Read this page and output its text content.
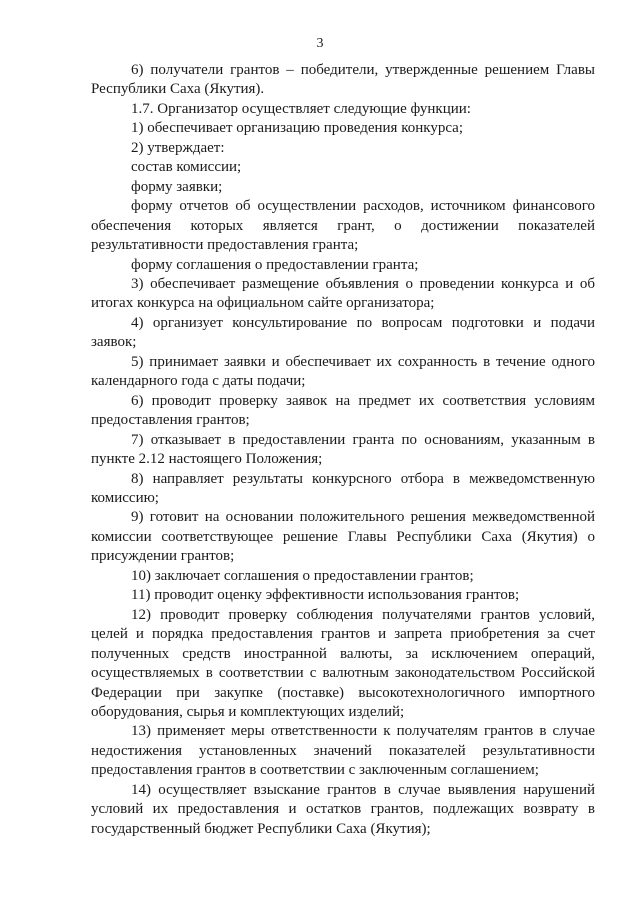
3

6) получатели грантов – победители, утвержденные решением Главы Республики Саха (Якутия).

1.7. Организатор осуществляет следующие функции:

1) обеспечивает организацию проведения конкурса;

2) утверждает:

состав комиссии;

форму заявки;

форму отчетов об осуществлении расходов, источником финансового обеспечения которых является грант, о достижении показателей результативности предоставления гранта;

форму соглашения о предоставлении гранта;

3) обеспечивает размещение объявления о проведении конкурса и об итогах конкурса на официальном сайте организатора;

4) организует консультирование по вопросам подготовки и подачи заявок;

5) принимает заявки и обеспечивает их сохранность в течение одного календарного года с даты подачи;

6) проводит проверку заявок на предмет их соответствия условиям предоставления грантов;

7) отказывает в предоставлении гранта по основаниям, указанным в пункте 2.12 настоящего Положения;

8) направляет результаты конкурсного отбора в межведомственную комиссию;

9) готовит на основании положительного решения межведомственной комиссии соответствующее решение Главы Республики Саха (Якутия) о присуждении грантов;

10) заключает соглашения о предоставлении грантов;

11) проводит оценку эффективности использования грантов;

12) проводит проверку соблюдения получателями грантов условий, целей и порядка предоставления грантов и запрета приобретения за счет полученных средств иностранной валюты, за исключением операций, осуществляемых в соответствии с валютным законодательством Российской Федерации при закупке (поставке) высокотехнологичного импортного оборудования, сырья и комплектующих изделий;

13) применяет меры ответственности к получателям грантов в случае недостижения установленных значений показателей результативности предоставления грантов в соответствии с заключенным соглашением;

14) осуществляет взыскание грантов в случае выявления нарушений условий их предоставления и остатков грантов, подлежащих возврату в государственный бюджет Республики Саха (Якутия);
